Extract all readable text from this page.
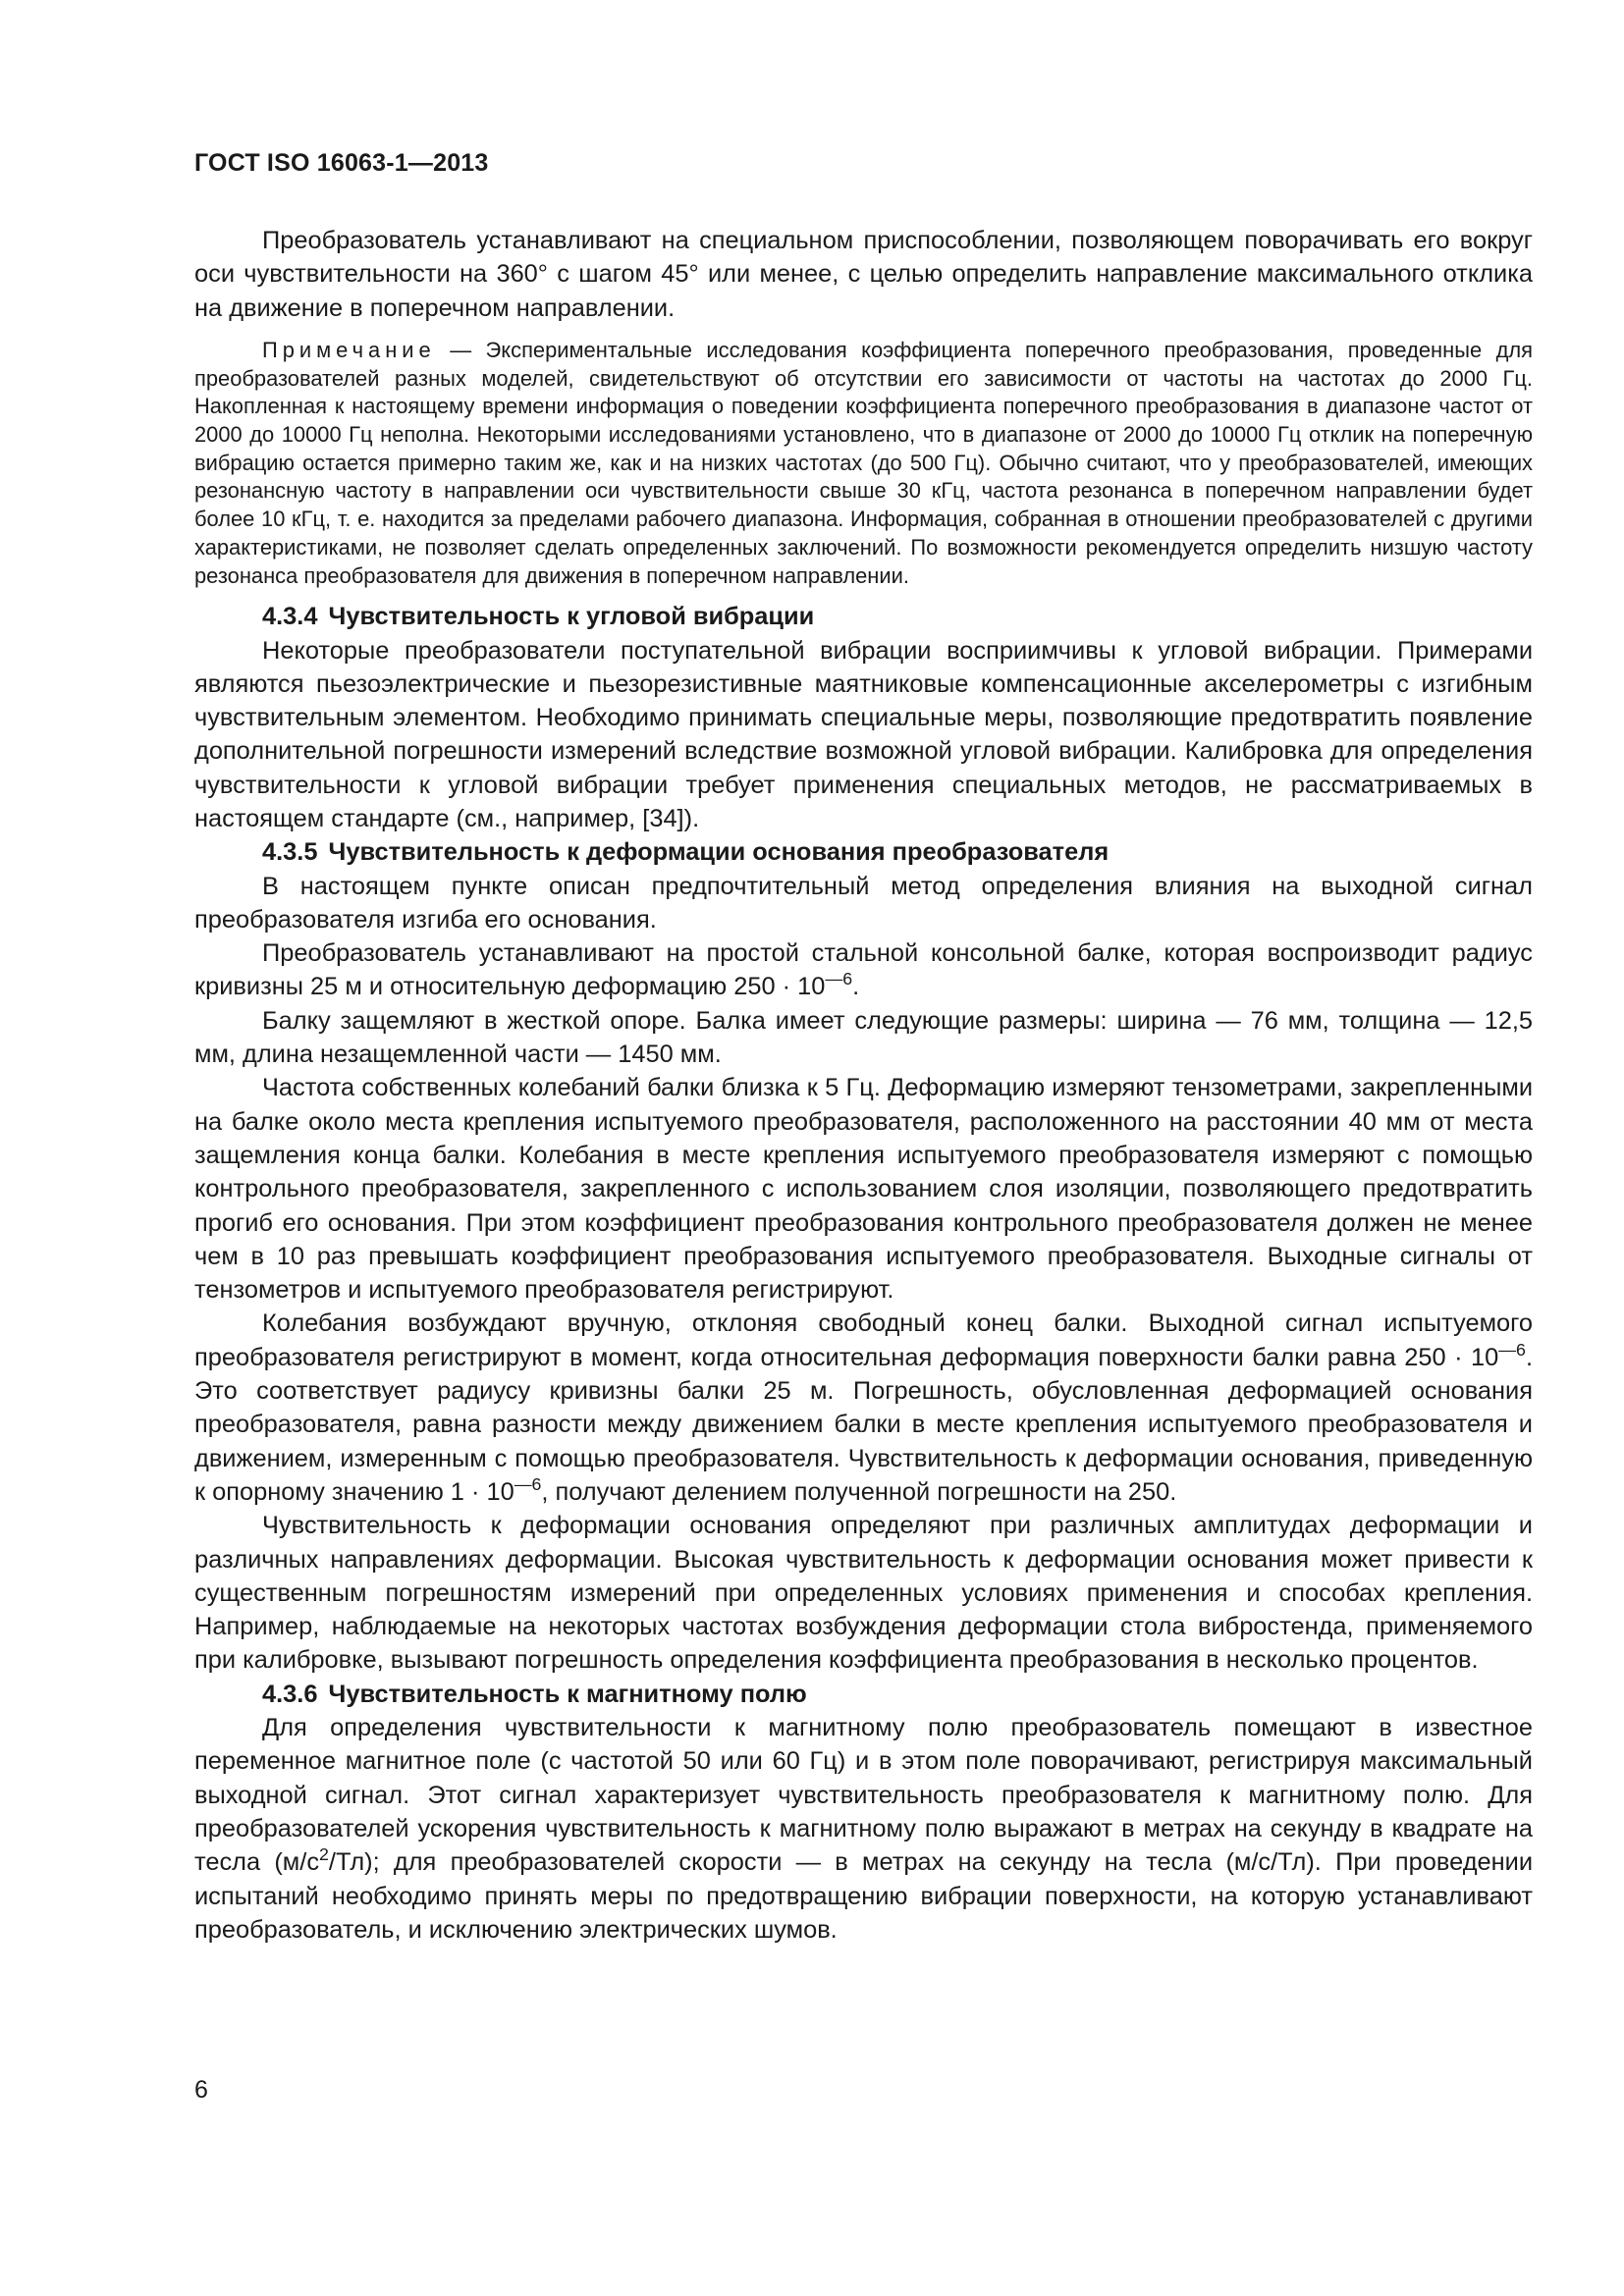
ГОСТ ISO 16063-1—2013

Преобразователь устанавливают на специальном приспособлении, позволяющем поворачивать его вокруг оси чувствительности на 360° с шагом 45° или менее, с целью определить направление максимального отклика на движение в поперечном направлении.

Примечание — Экспериментальные исследования коэффициента поперечного преобразования, проведенные для преобразователей разных моделей, свидетельствуют об отсутствии его зависимости от частоты на частотах до 2000 Гц. Накопленная к настоящему времени информация о поведении коэффициента поперечного преобразования в диапазоне частот от 2000 до 10000 Гц неполна. Некоторыми исследованиями установлено, что в диапазоне от 2000 до 10000 Гц отклик на поперечную вибрацию остается примерно таким же, как и на низких частотах (до 500 Гц). Обычно считают, что у преобразователей, имеющих резонансную частоту в направлении оси чувствительности свыше 30 кГц, частота резонанса в поперечном направлении будет более 10 кГц, т. е. находится за пределами рабочего диапазона. Информация, собранная в отношении преобразователей с другими характеристиками, не позволяет сделать определенных заключений. По возможности рекомендуется определить низшую частоту резонанса преобразователя для движения в поперечном направлении.

4.3.4 Чувствительность к угловой вибрации

Некоторые преобразователи поступательной вибрации восприимчивы к угловой вибрации. Примерами являются пьезоэлектрические и пьезорезистивные маятниковые компенсационные акселерометры с изгибным чувствительным элементом. Необходимо принимать специальные меры, позволяющие предотвратить появление дополнительной погрешности измерений вследствие возможной угловой вибрации. Калибровка для определения чувствительности к угловой вибрации требует применения специальных методов, не рассматриваемых в настоящем стандарте (см., например, [34]).

4.3.5 Чувствительность к деформации основания преобразователя

В настоящем пункте описан предпочтительный метод определения влияния на выходной сигнал преобразователя изгиба его основания.

Преобразователь устанавливают на простой стальной консольной балке, которая воспроизводит радиус кривизны 25 м и относительную деформацию $250 \cdot 10^{—6}$.

Балку защемляют в жесткой опоре. Балка имеет следующие размеры: ширина — 76 мм, толщина — 12,5 мм, длина незащемленной части — 1450 мм.

Частота собственных колебаний балки близка к 5 Гц. Деформацию измеряют тензометрами, закрепленными на балке около места крепления испытуемого преобразователя, расположенного на расстоянии 40 мм от места защемления конца балки. Колебания в месте крепления испытуемого преобразователя измеряют с помощью контрольного преобразователя, закрепленного с использованием слоя изоляции, позволяющего предотвратить прогиб его основания. При этом коэффициент преобразования контрольного преобразователя должен не менее чем в 10 раз превышать коэффициент преобразования испытуемого преобразователя. Выходные сигналы от тензометров и испытуемого преобразователя регистрируют.

Колебания возбуждают вручную, отклоняя свободный конец балки. Выходной сигнал испытуемого преобразователя регистрируют в момент, когда относительная деформация поверхности балки равна $250 \cdot 10^{—6}$. Это соответствует радиусу кривизны балки 25 м. Погрешность, обусловленная деформацией основания преобразователя, равна разности между движением балки в месте крепления испытуемого преобразователя и движением, измеренным с помощью преобразователя. Чувствительность к деформации основания, приведенную к опорному значению $1 \cdot 10^{—6}$, получают делением полученной погрешности на 250.

Чувствительность к деформации основания определяют при различных амплитудах деформации и различных направлениях деформации. Высокая чувствительность к деформации основания может привести к существенным погрешностям измерений при определенных условиях применения и способах крепления. Например, наблюдаемые на некоторых частотах возбуждения деформации стола вибростенда, применяемого при калибровке, вызывают погрешность определения коэффициента преобразования в несколько процентов.

4.3.6 Чувствительность к магнитному полю

Для определения чувствительности к магнитному полю преобразователь помещают в известное переменное магнитное поле (с частотой 50 или 60 Гц) и в этом поле поворачивают, регистрируя максимальный выходной сигнал. Этот сигнал характеризует чувствительность преобразователя к магнитному полю. Для преобразователей ускорения чувствительность к магнитному полю выражают в метрах на секунду в квадрате на тесла $(м/с^2/Тл)$; для преобразователей скорости — в метрах на секунду на тесла (м/с/Тл). При проведении испытаний необходимо принять меры по предотвращению вибрации поверхности, на которую устанавливают преобразователь, и исключению электрических шумов.

6
